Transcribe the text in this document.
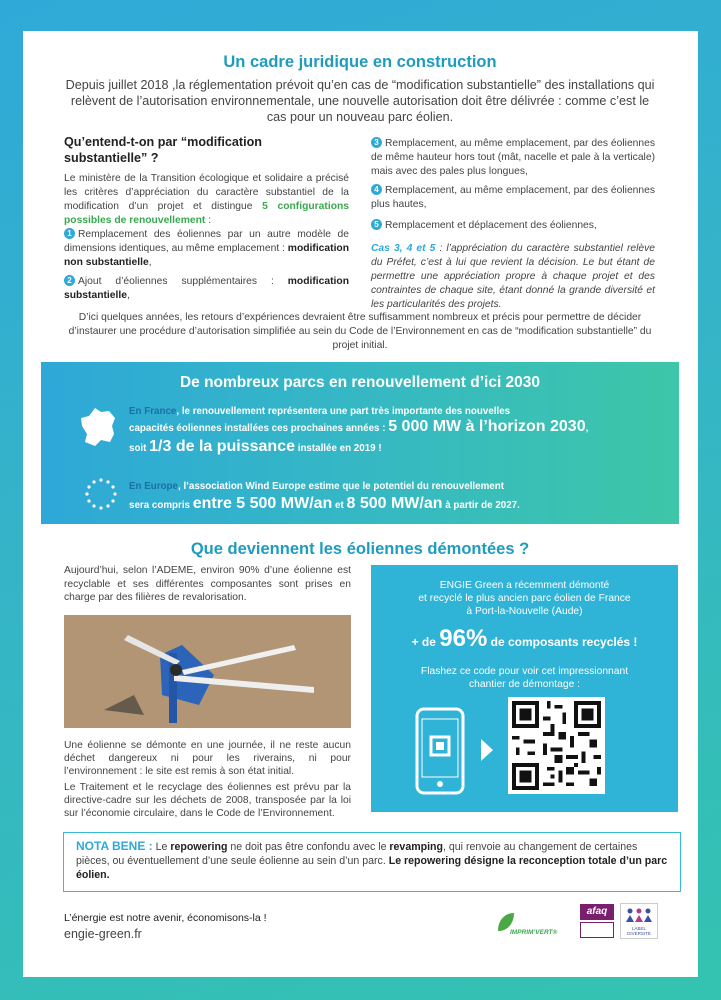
Un cadre juridique en construction
Depuis juillet 2018 ,la réglementation prévoit qu’en cas de “modification substantielle” des installations qui relèvent de l’autorisation environnementale, une nouvelle autorisation doit être délivrée : comme c’est le cas pour un nouveau parc éolien.
Qu’entend-t-on par “modification
substantielle” ?
Le ministère de la Transition écologique et solidaire a précisé les critères d’appréciation du caractère substantiel de la modification d’un projet et distingue 5 configurations possibles de renouvellement :
1 Remplacement des éoliennes par un autre modèle de dimensions identiques, au même emplacement : modification non substantielle,
2 Ajout d’éoliennes supplémentaires : modification substantielle,
3 Remplacement, au même emplacement, par des éoliennes de même hauteur hors tout (mât, nacelle et pale à la verticale) mais avec des pales plus longues,
4 Remplacement, au même emplacement, par des éoliennes plus hautes,
5 Remplacement et déplacement des éoliennes,
Cas 3, 4 et 5 : l’appréciation du caractère substantiel relève du Préfet, c’est à lui que revient la décision. Le but étant de permettre une appréciation propre à chaque projet et des contraintes de chaque site, étant donné la grande diversité et les particularités des projets.
D’ici quelques années, les retours d’expériences devraient être suffisamment nombreux et précis pour permettre de décider d’instaurer une procédure d’autorisation simplifiée au sein du Code de l’Environnement en cas de “modification substantielle” du projet initial.
De nombreux parcs en renouvellement d’ici 2030
En France, le renouvellement représentera une part très importante des nouvelles
capacités éoliennes installées ces prochaines années : 5 000 MW à l’horizon 2030,
soit 1/3 de la puissance installée en 2019 !
En Europe, l’association Wind Europe estime que le potentiel du renouvellement
sera compris entre 5 500 MW/an et 8 500 MW/an à partir de 2027.
Que deviennent les éoliennes démontées ?
Aujourd’hui, selon l’ADEME, environ 90% d’une éolienne est recyclable et ses différentes composantes sont prises en charge par des filières de revalorisation.
Une éolienne se démonte en une journée, il ne reste aucun déchet dangereux ni pour les riverains, ni pour l’environnement : le site est remis à son état initial.
Le Traitement et le recyclage des éoliennes est prévu par la directive-cadre sur les déchets de 2008, transposée par la loi sur l’économie circulaire, dans le Code de l’Environnement.
ENGIE Green a récemment démonté
et recyclé le plus ancien parc éolien de France
à Port-la-Nouvelle (Aude)
+ de 96% de composants recyclés !
Flashez ce code pour voir cet impressionnant
chantier de démontage :
NOTA BENE : Le repowering ne doit pas être confondu avec le revamping, qui renvoie au changement de certaines pièces, ou éventuellement d’une seule éolienne au sein d’un parc. Le repowering désigne la reconception totale d’un parc éolien.
L’énergie est notre avenir, économisons-la !
engie-green.fr	IMPRIM’VERT®
afaq
LABEL DIVERSITÉ
